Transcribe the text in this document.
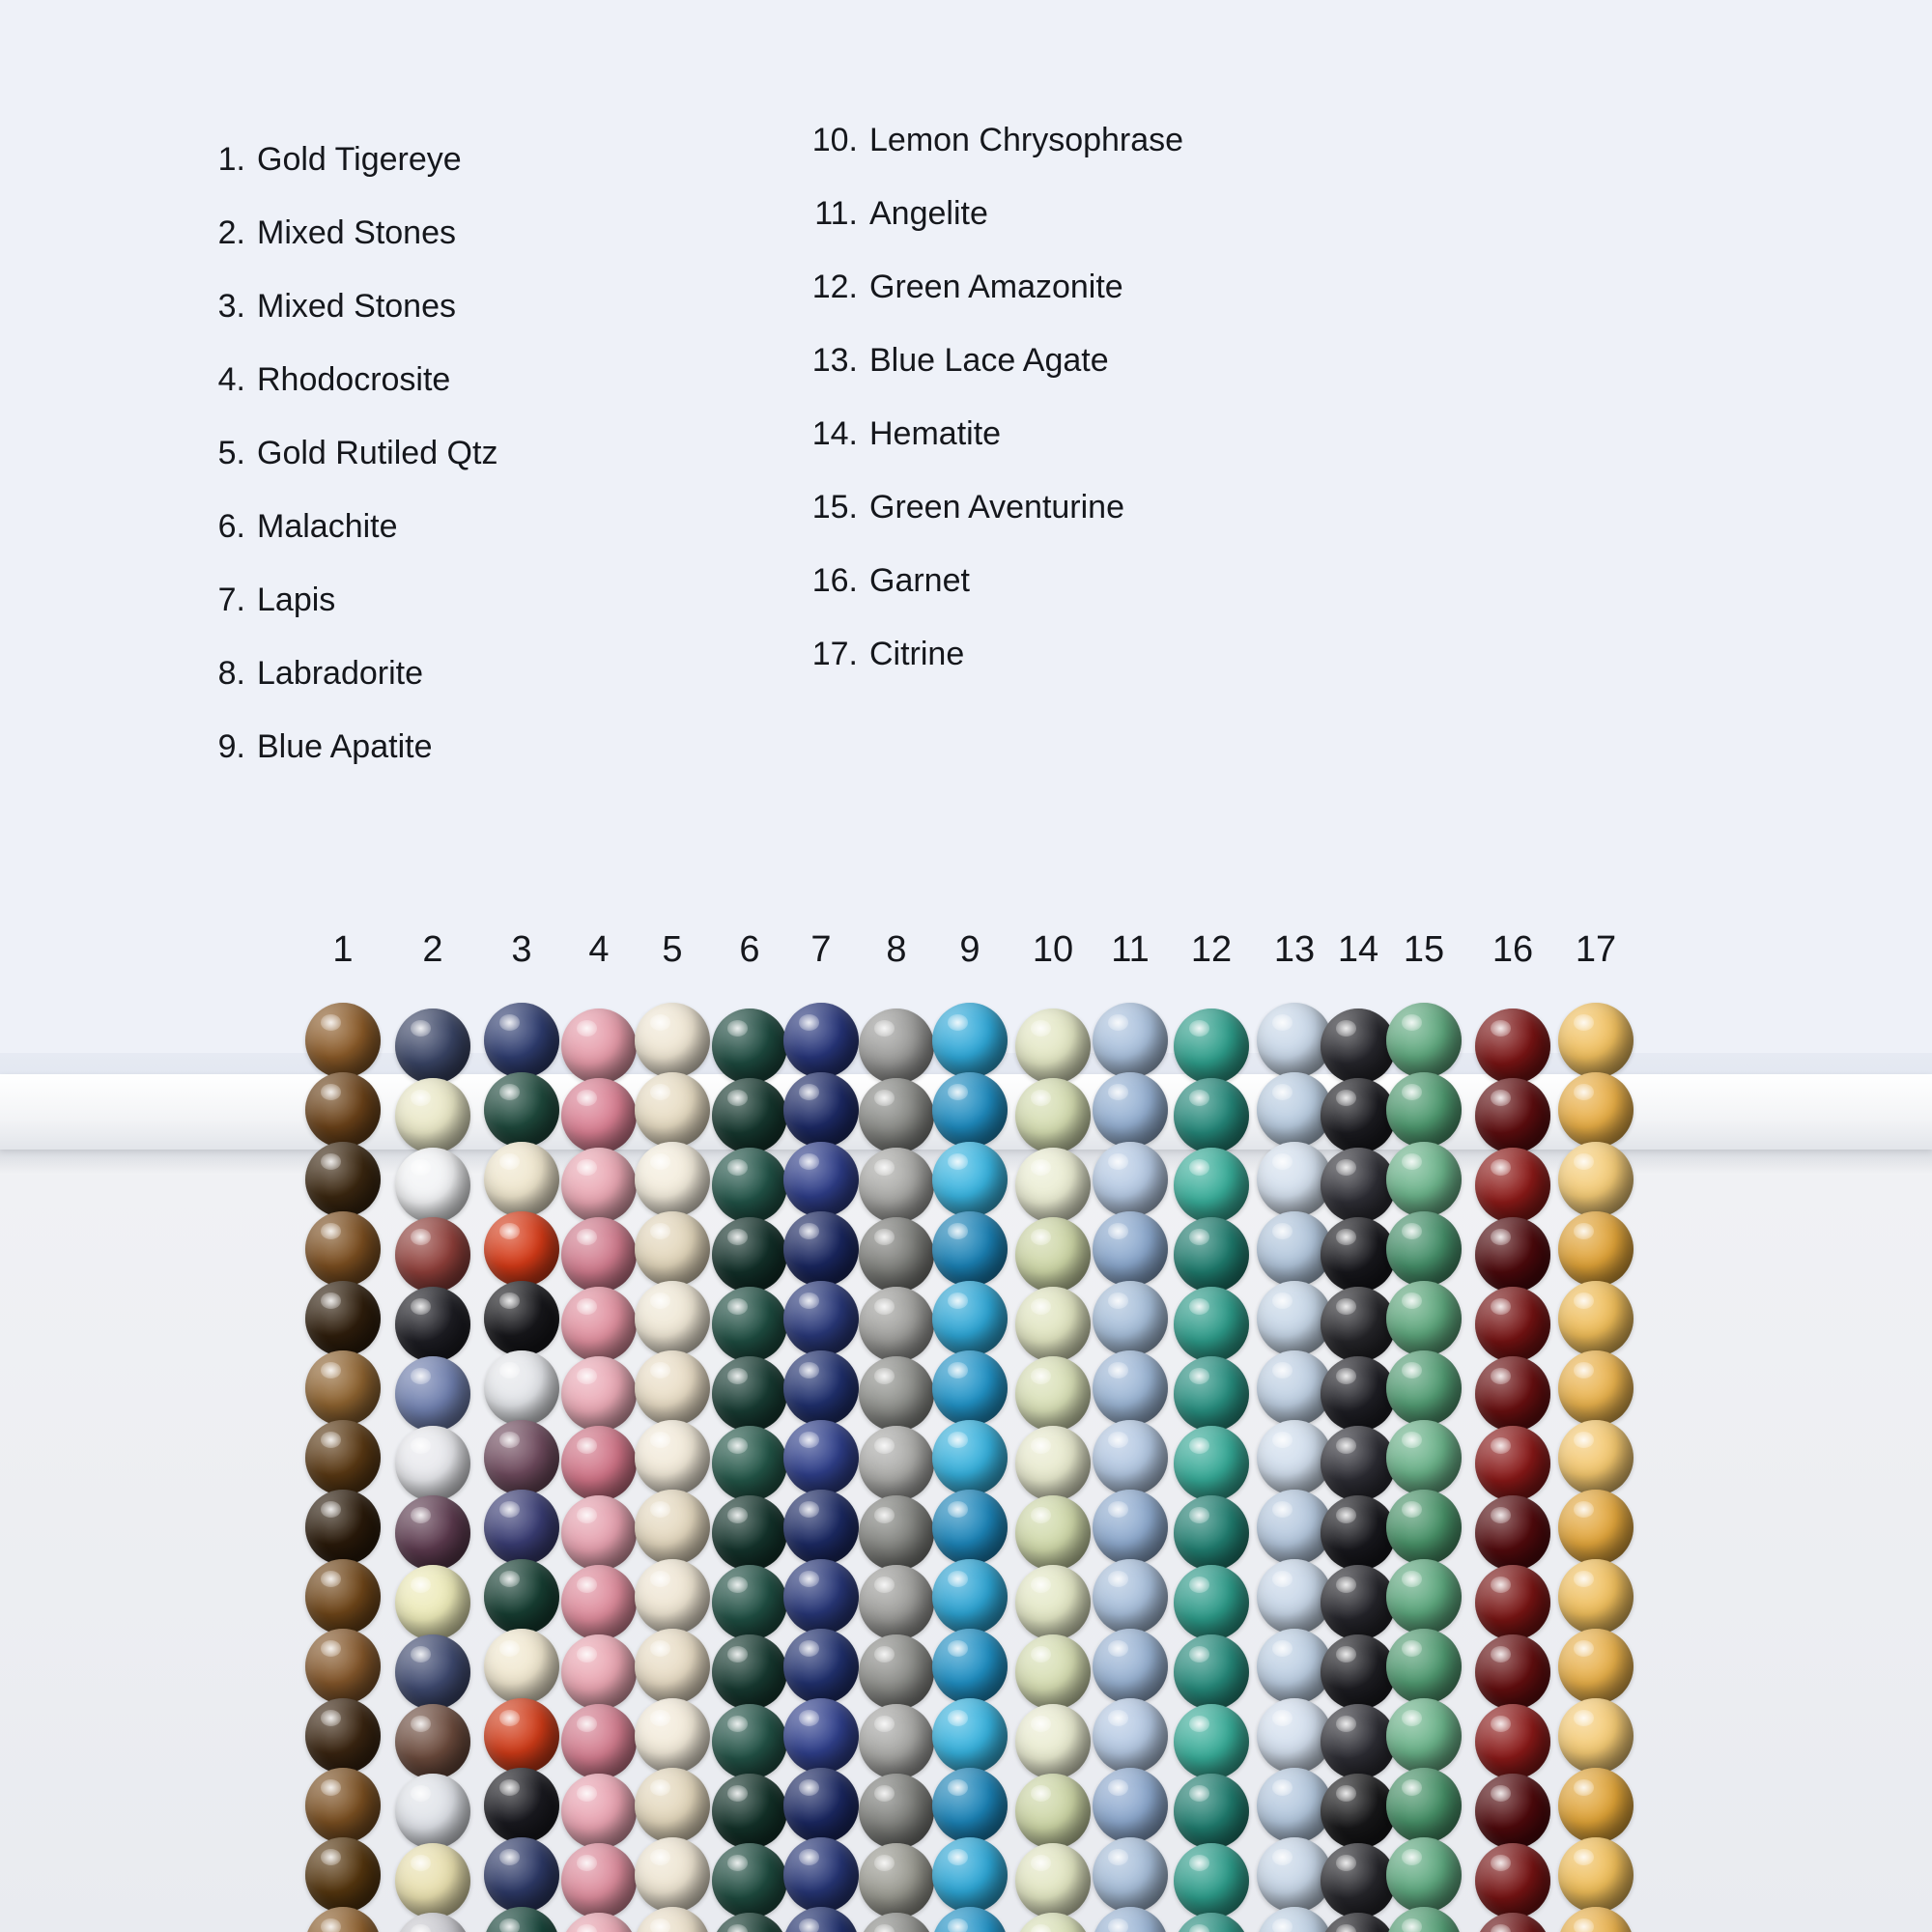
1. Gold Tigereye
2. Mixed Stones
3. Mixed Stones
4. Rhodocrosite
5. Gold Rutiled Qtz
6. Malachite
7. Lapis
8. Labradorite
9. Blue Apatite
10. Lemon Chrysophrase
11. Angelite
12. Green Amazonite
13. Blue Lace Agate
14. Hematite
15. Green Aventurine
16. Garnet
17. Citrine
1 2 3 4 5 6 7 8 9 10 11 12 13 14 15 16 17
